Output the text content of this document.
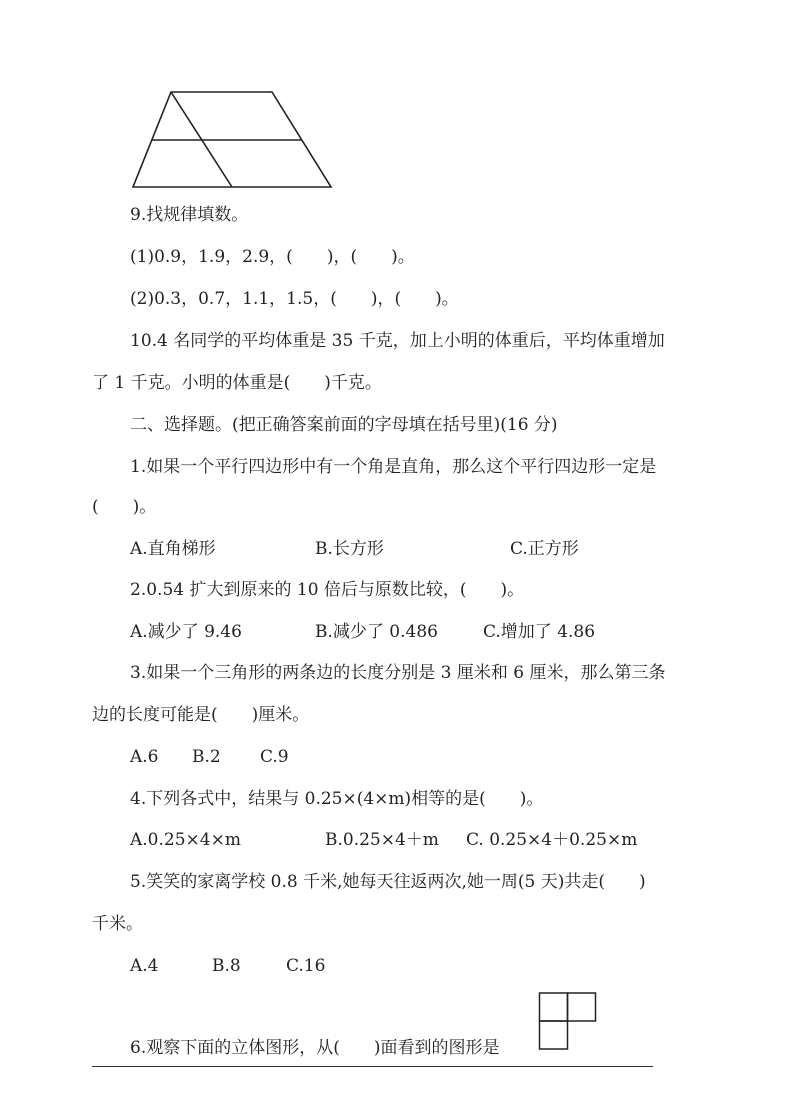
9.找规律填数。
(1)0.9，1.9，2.9，(　　)，(　　)。
(2)0.3，0.7，1.1，1.5，(　　)，(　　)。
10.4 名同学的平均体重是 35 千克，加上小明的体重后，平均体重增加
了 1 千克。小明的体重是(　　)千克。
二、选择题。(把正确答案前面的字母填在括号里)(16 分)
1.如果一个平行四边形中有一个角是直角，那么这个平行四边形一定是
(　　)。
A.直角梯形	B.长方形	C.正方形
2.0.54 扩大到原来的 10 倍后与原数比较，(　　)。
A.减少了 9.46	B.减少了 0.486	C.增加了 4.86
3.如果一个三角形的两条边的长度分别是 3 厘米和 6 厘米，那么第三条
边的长度可能是(　　)厘米。
A.6 B.2 C.9
4.下列各式中，结果与 0.25×(4×m)相等的是(　　)。
A.0.25×4×m	B.0.25×4＋m C. 0.25×4＋0.25×m
5.笑笑的家离学校 0.8 千米,她每天往返两次,她一周(5 天)共走(　　)
千米。
A.4	B.8	C.16
6.观察下面的立体图形，从(　　)面看到的图形是
